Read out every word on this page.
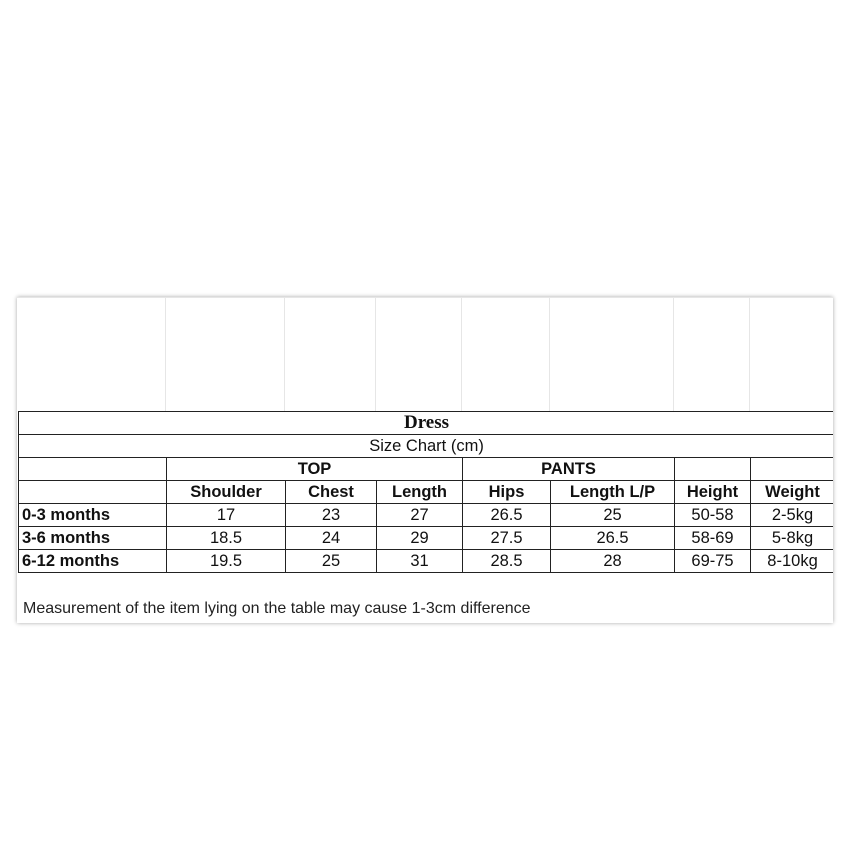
Dress							
Size Chart (cm)							
	TOP			PANTS			
	Shoulder	Chest	Length	Hips	Length L/P	Height	Weight
0-3 months	17	23	27	26.5	25	50-58	2-5kg
3-6 months	18.5	24	29	27.5	26.5	58-69	5-8kg
6-12 months	19.5	25	31	28.5	28	69-75	8-10kg
Measurement of the item lying on the table may cause 1-3cm difference
